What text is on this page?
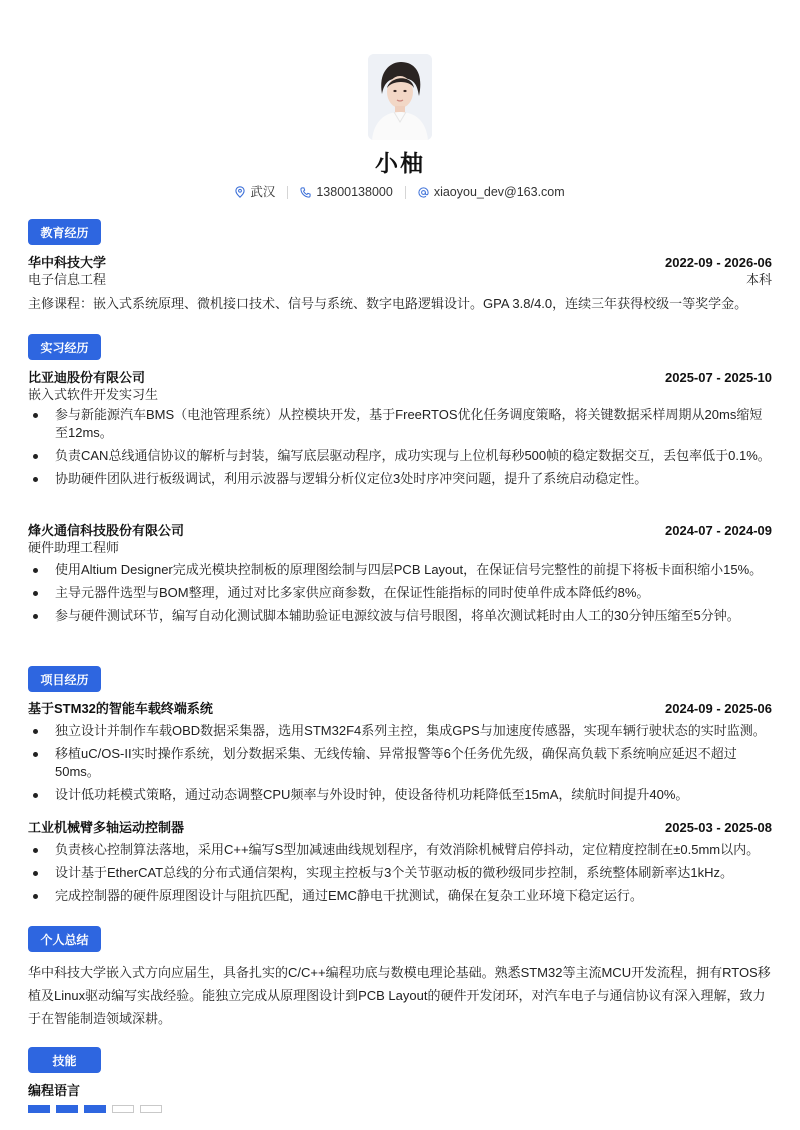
小柚
武汉	13800138000	xiaoyou_dev@163.com
教育经历
华中科技大学	2022-09 - 2026-06
电子信息工程	本科
主修课程：嵌入式系统原理、微机接口技术、信号与系统、数字电路逻辑设计。GPA 3.8/4.0，连续三年获得校级一等奖学金。
实习经历
比亚迪股份有限公司	2025-07 - 2025-10
嵌入式软件开发实习生
参与新能源汽车BMS（电池管理系统）从控模块开发，基于FreeRTOS优化任务调度策略，将关键数据采样周期从20ms缩短至12ms。
负责CAN总线通信协议的解析与封装，编写底层驱动程序，成功实现与上位机每秒500帧的稳定数据交互，丢包率低于0.1%。
协助硬件团队进行板级调试，利用示波器与逻辑分析仪定位3处时序冲突问题，提升了系统启动稳定性。
烽火通信科技股份有限公司	2024-07 - 2024-09
硬件助理工程师
使用Altium Designer完成光模块控制板的原理图绘制与四层PCB Layout，在保证信号完整性的前提下将板卡面积缩小15%。
主导元器件选型与BOM整理，通过对比多家供应商参数，在保证性能指标的同时使单件成本降低约8%。
参与硬件测试环节，编写自动化测试脚本辅助验证电源纹波与信号眼图，将单次测试耗时由人工的30分钟压缩至5分钟。
项目经历
基于STM32的智能车载终端系统	2024-09 - 2025-06
独立设计并制作车载OBD数据采集器，选用STM32F4系列主控，集成GPS与加速度传感器，实现车辆行驶状态的实时监测。
移植uC/OS-II实时操作系统，划分数据采集、无线传输、异常报警等6个任务优先级，确保高负载下系统响应延迟不超过50ms。
设计低功耗模式策略，通过动态调整CPU频率与外设时钟，使设备待机功耗降低至15mA，续航时间提升40%。
工业机械臂多轴运动控制器	2025-03 - 2025-08
负责核心控制算法落地，采用C++编写S型加减速曲线规划程序，有效消除机械臂启停抖动，定位精度控制在±0.5mm以内。
设计基于EtherCAT总线的分布式通信架构，实现主控板与3个关节驱动板的微秒级同步控制，系统整体刷新率达1kHz。
完成控制器的硬件原理图设计与阻抗匹配，通过EMC静电干扰测试，确保在复杂工业环境下稳定运行。
个人总结
华中科技大学嵌入式方向应届生，具备扎实的C/C++编程功底与数模电理论基础。熟悉STM32等主流MCU开发流程，拥有RTOS移植及Linux驱动编写实战经验。能独立完成从原理图设计到PCB Layout的硬件开发闭环，对汽车电子与通信协议有深入理解，致力于在智能制造领域深耕。
技能
编程语言
